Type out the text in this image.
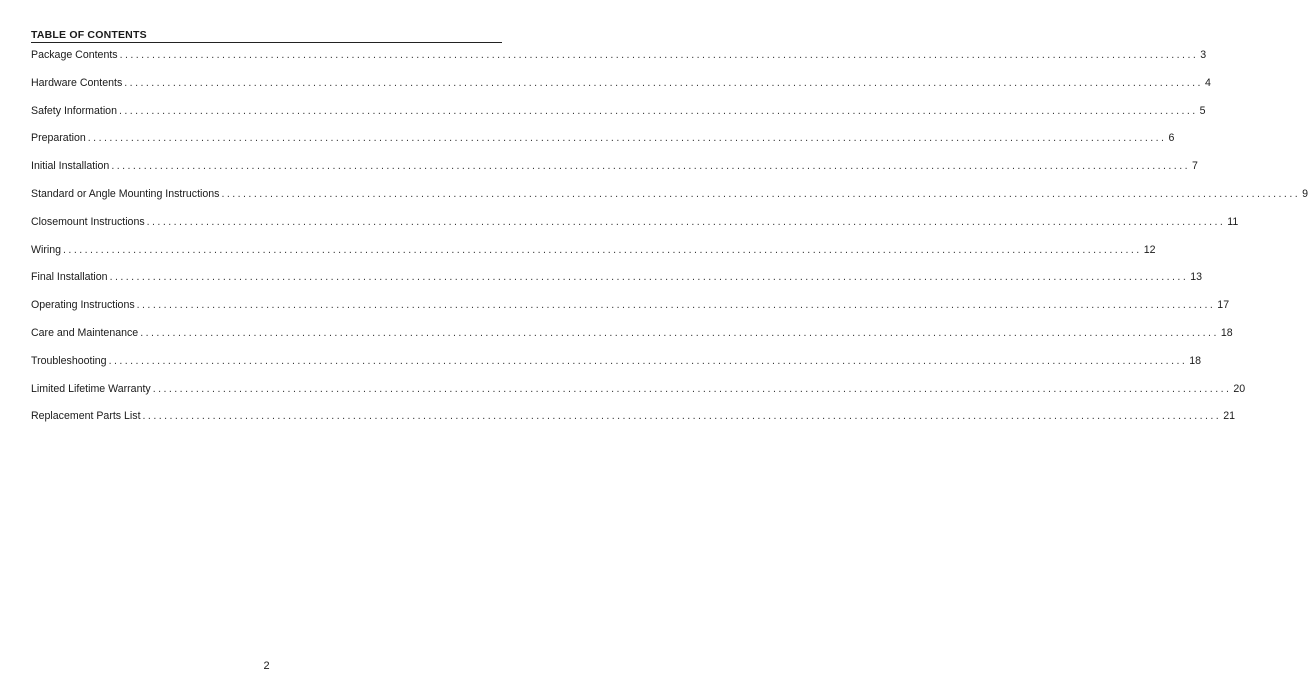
TABLE OF CONTENTS
Package Contents ........................................................................................................................................................................................................ 3
Hardware Contents ........................................................................................................................................................................................................ 4
Safety Information ........................................................................................................................................................................................................ 5
Preparation ........................................................................................................................................................................................................ 6
Initial Installation ........................................................................................................................................................................................................ 7
Standard or Angle Mounting Instructions ........................................................................................................................................................................................................ 9
Closemount Instructions ........................................................................................................................................................................................................ 11
Wiring ........................................................................................................................................................................................................ 12
Final Installation ........................................................................................................................................................................................................ 13
Operating Instructions ........................................................................................................................................................................................................ 17
Care and Maintenance ........................................................................................................................................................................................................ 18
Troubleshooting ........................................................................................................................................................................................................ 18
Limited Lifetime Warranty ........................................................................................................................................................................................................ 20
Replacement Parts List ........................................................................................................................................................................................................ 21
2
